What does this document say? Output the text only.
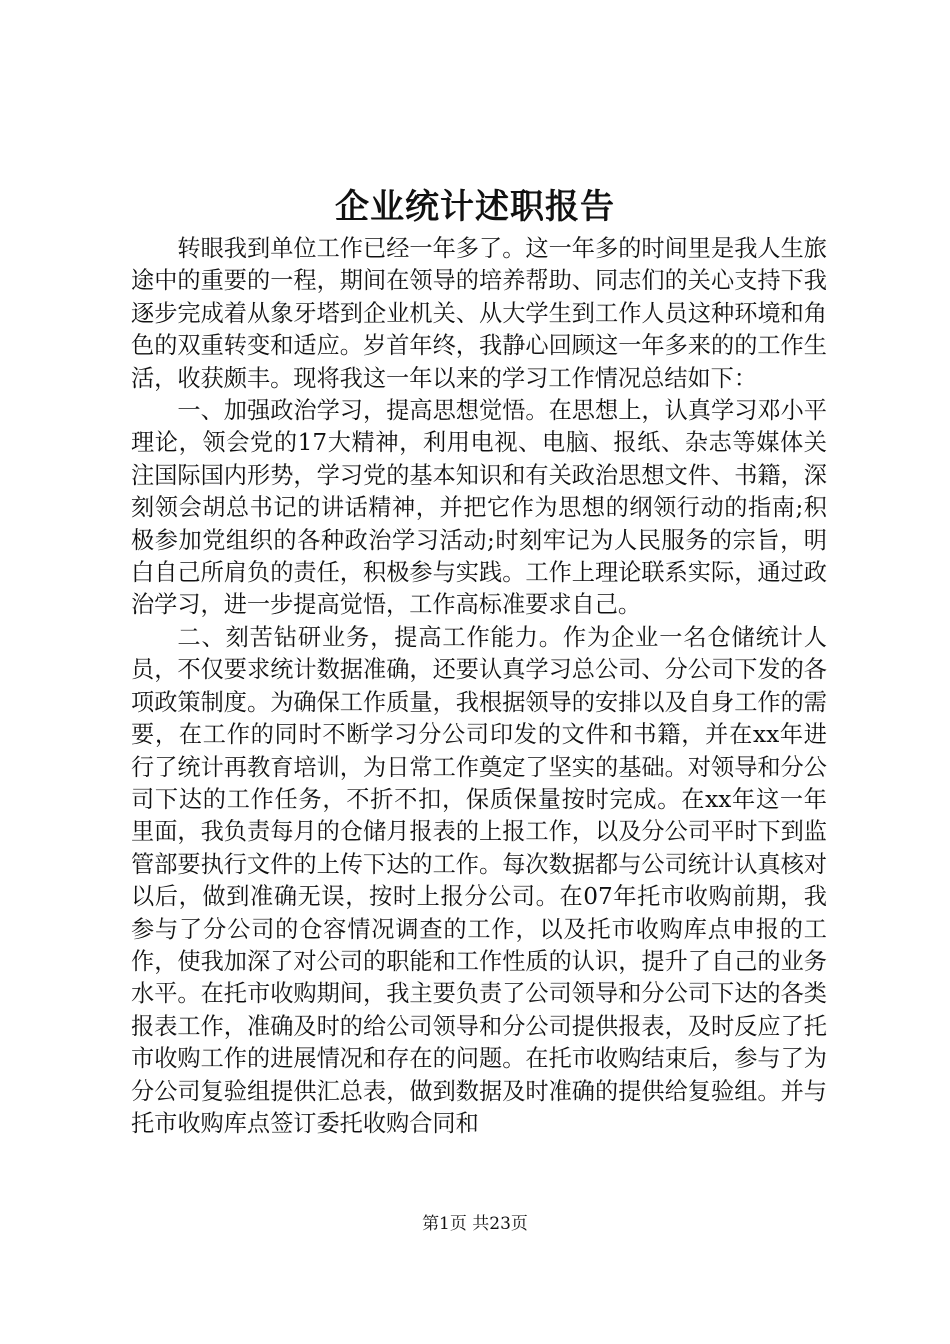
企业统计述职报告

转眼我到单位工作已经一年多了。这一年多的时间里是我人生旅途中的重要的一程，期间在领导的培养帮助、同志们的关心支持下我逐步完成着从象牙塔到企业机关、从大学生到工作人员这种环境和角色的双重转变和适应。岁首年终，我静心回顾这一年多来的的工作生活，收获颇丰。现将我这一年以来的学习工作情况总结如下：

一、加强政治学习，提高思想觉悟。在思想上，认真学习邓小平理论，领会党的17大精神，利用电视、电脑、报纸、杂志等媒体关注国际国内形势，学习党的基本知识和有关政治思想文件、书籍，深刻领会胡总书记的讲话精神，并把它作为思想的纲领行动的指南;积极参加党组织的各种政治学习活动;时刻牢记为人民服务的宗旨，明白自己所肩负的责任，积极参与实践。工作上理论联系实际，通过政治学习，进一步提高觉悟，工作高标准要求自己。

二、刻苦钻研业务，提高工作能力。作为企业一名仓储统计人员，不仅要求统计数据准确，还要认真学习总公司、分公司下发的各项政策制度。为确保工作质量，我根据领导的安排以及自身工作的需要，在工作的同时不断学习分公司印发的文件和书籍，并在xx年进行了统计再教育培训，为日常工作奠定了坚实的基础。对领导和分公司下达的工作任务，不折不扣，保质保量按时完成。在xx年这一年里面，我负责每月的仓储月报表的上报工作，以及分公司平时下到监管部要执行文件的上传下达的工作。每次数据都与公司统计认真核对以后，做到准确无误，按时上报分公司。在07年托市收购前期，我参与了分公司的仓容情况调查的工作，以及托市收购库点申报的工作，使我加深了对公司的职能和工作性质的认识，提升了自己的业务水平。在托市收购期间，我主要负责了公司领导和分公司下达的各类报表工作，准确及时的给公司领导和分公司提供报表，及时反应了托市收购工作的进展情况和存在的问题。在托市收购结束后，参与了为分公司复验组提供汇总表，做到数据及时准确的提供给复验组。并与托市收购库点签订委托收购合同和

第1页 共23页
